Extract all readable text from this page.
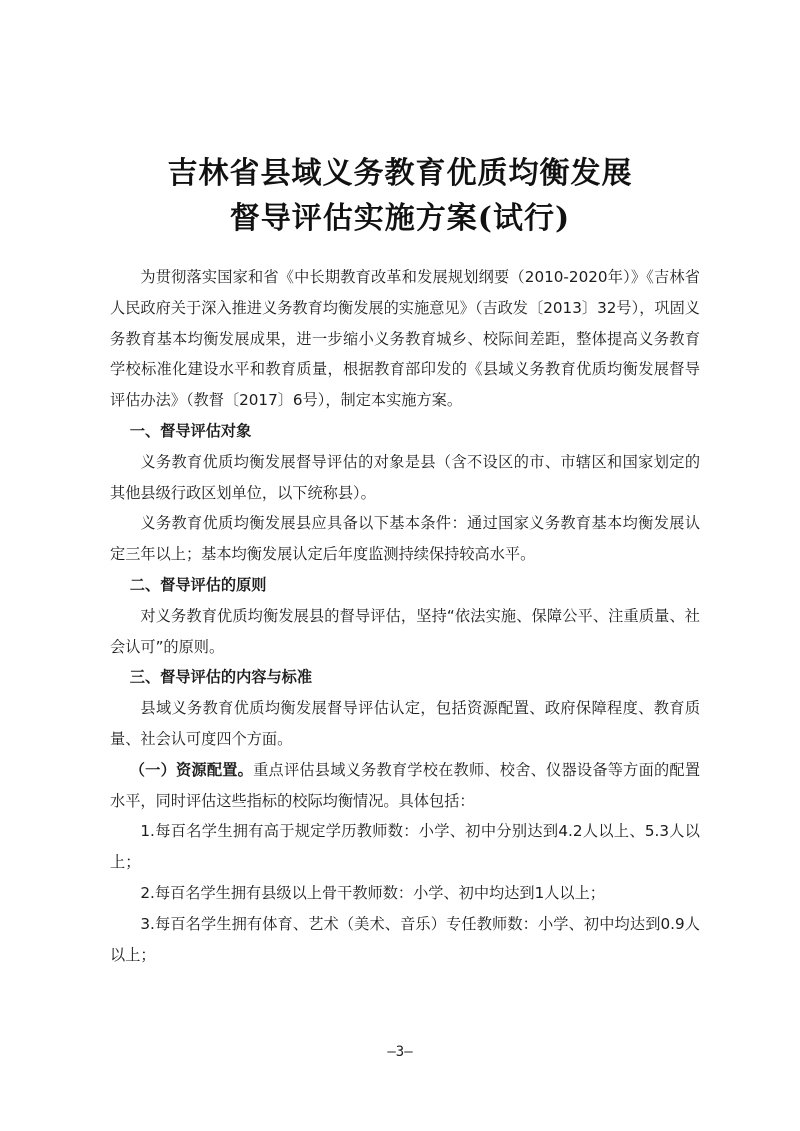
吉林省县域义务教育优质均衡发展
督导评估实施方案(试行)

为贯彻落实国家和省《中长期教育改革和发展规划纲要（2010-2020年）》《吉林省人民政府关于深入推进义务教育均衡发展的实施意见》（吉政发〔2013〕32号），巩固义务教育基本均衡发展成果，进一步缩小义务教育城乡、校际间差距，整体提高义务教育学校标准化建设水平和教育质量，根据教育部印发的《县域义务教育优质均衡发展督导评估办法》（教督〔2017〕6号），制定本实施方案。

一、督导评估对象

义务教育优质均衡发展督导评估的对象是县（含不设区的市、市辖区和国家划定的其他县级行政区划单位，以下统称县）。

义务教育优质均衡发展县应具备以下基本条件：通过国家义务教育基本均衡发展认定三年以上；基本均衡发展认定后年度监测持续保持较高水平。

二、督导评估的原则

对义务教育优质均衡发展县的督导评估，坚持“依法实施、保障公平、注重质量、社会认可”的原则。

三、督导评估的内容与标准

县域义务教育优质均衡发展督导评估认定，包括资源配置、政府保障程度、教育质量、社会认可度四个方面。

（一）资源配置。重点评估县域义务教育学校在教师、校舍、仪器设备等方面的配置水平，同时评估这些指标的校际均衡情况。具体包括：

1.每百名学生拥有高于规定学历教师数：小学、初中分别达到4.2人以上、5.3人以上；

2.每百名学生拥有县级以上骨干教师数：小学、初中均达到1人以上；

3.每百名学生拥有体育、艺术（美术、音乐）专任教师数：小学、初中均达到0.9人以上；

—3—
